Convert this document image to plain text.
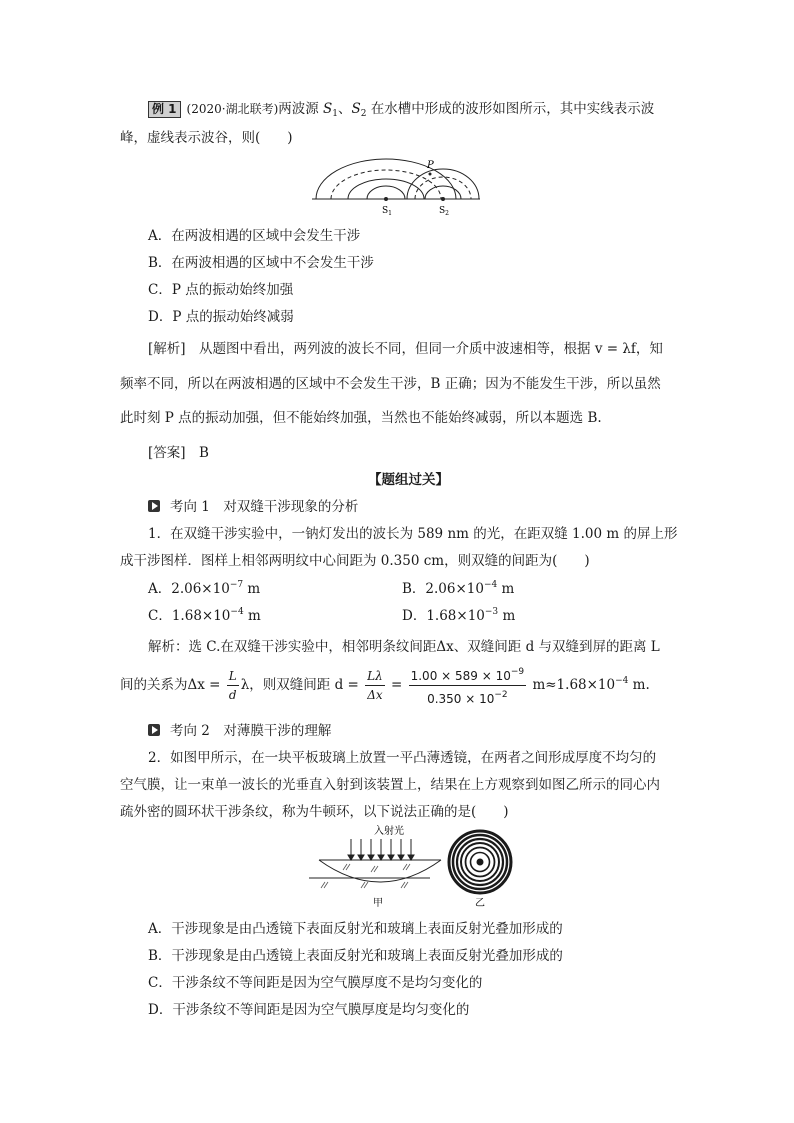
例 1 (2020·湖北联考)两波源 $S_1$、$S_2$ 在水槽中形成的波形如图所示，其中实线表示波
峰，虚线表示波谷，则(　　)
P
$S_1$	$S_2$
A．在两波相遇的区域中会发生干涉
B．在两波相遇的区域中不会发生干涉
C．P 点的振动始终加强
D．P 点的振动始终减弱
[解析]　从题图中看出，两列波的波长不同，但同一介质中波速相等，根据 v = λf，知
频率不同，所以在两波相遇的区域中不会发生干涉，B 正确；因为不能发生干涉，所以虽然
此时刻 P 点的振动加强，但不能始终加强，当然也不能始终减弱，所以本题选 B.
[答案]　B
【题组过关】
考向 1　对双缝干涉现象的分析
1．在双缝干涉实验中，一钠灯发出的波长为 589 nm 的光，在距双缝 1.00 m 的屏上形
成干涉图样．图样上相邻两明纹中心间距为 0.350 cm，则双缝的间距为(　　)
A．$2.06\times 10^{-7}$ m	B．$2.06\times 10^{-4}$ m
C．$1.68\times 10^{-4}$ m	D．$1.68\times 10^{-3}$ m
解析：选 C.在双缝干涉实验中，相邻明条纹间距Δx、双缝间距 d 与双缝到屏的距离 L
间的关系为$\Delta x = \frac{L}{d}$ λ，则双缝间距 $d = \frac{L\lambda}{\Delta x} = \frac{1.00 \times 589 \times 10^{-9}}{0.350 \times 10^{-2}} m\approx 1.68\times 10^{-4}$ m.
考向 2　对薄膜干涉的理解
2．如图甲所示，在一块平板玻璃上放置一平凸薄透镜，在两者之间形成厚度不均匀的
空气膜，让一束单一波长的光垂直入射到该装置上，结果在上方观察到如图乙所示的同心内
疏外密的圆环状干涉条纹，称为牛顿环，以下说法正确的是(　　)
入射光
甲	乙
A．干涉现象是由凸透镜下表面反射光和玻璃上表面反射光叠加形成的
B．干涉现象是由凸透镜上表面反射光和玻璃上表面反射光叠加形成的
C．干涉条纹不等间距是因为空气膜厚度不是均匀变化的
D．干涉条纹不等间距是因为空气膜厚度是均匀变化的
